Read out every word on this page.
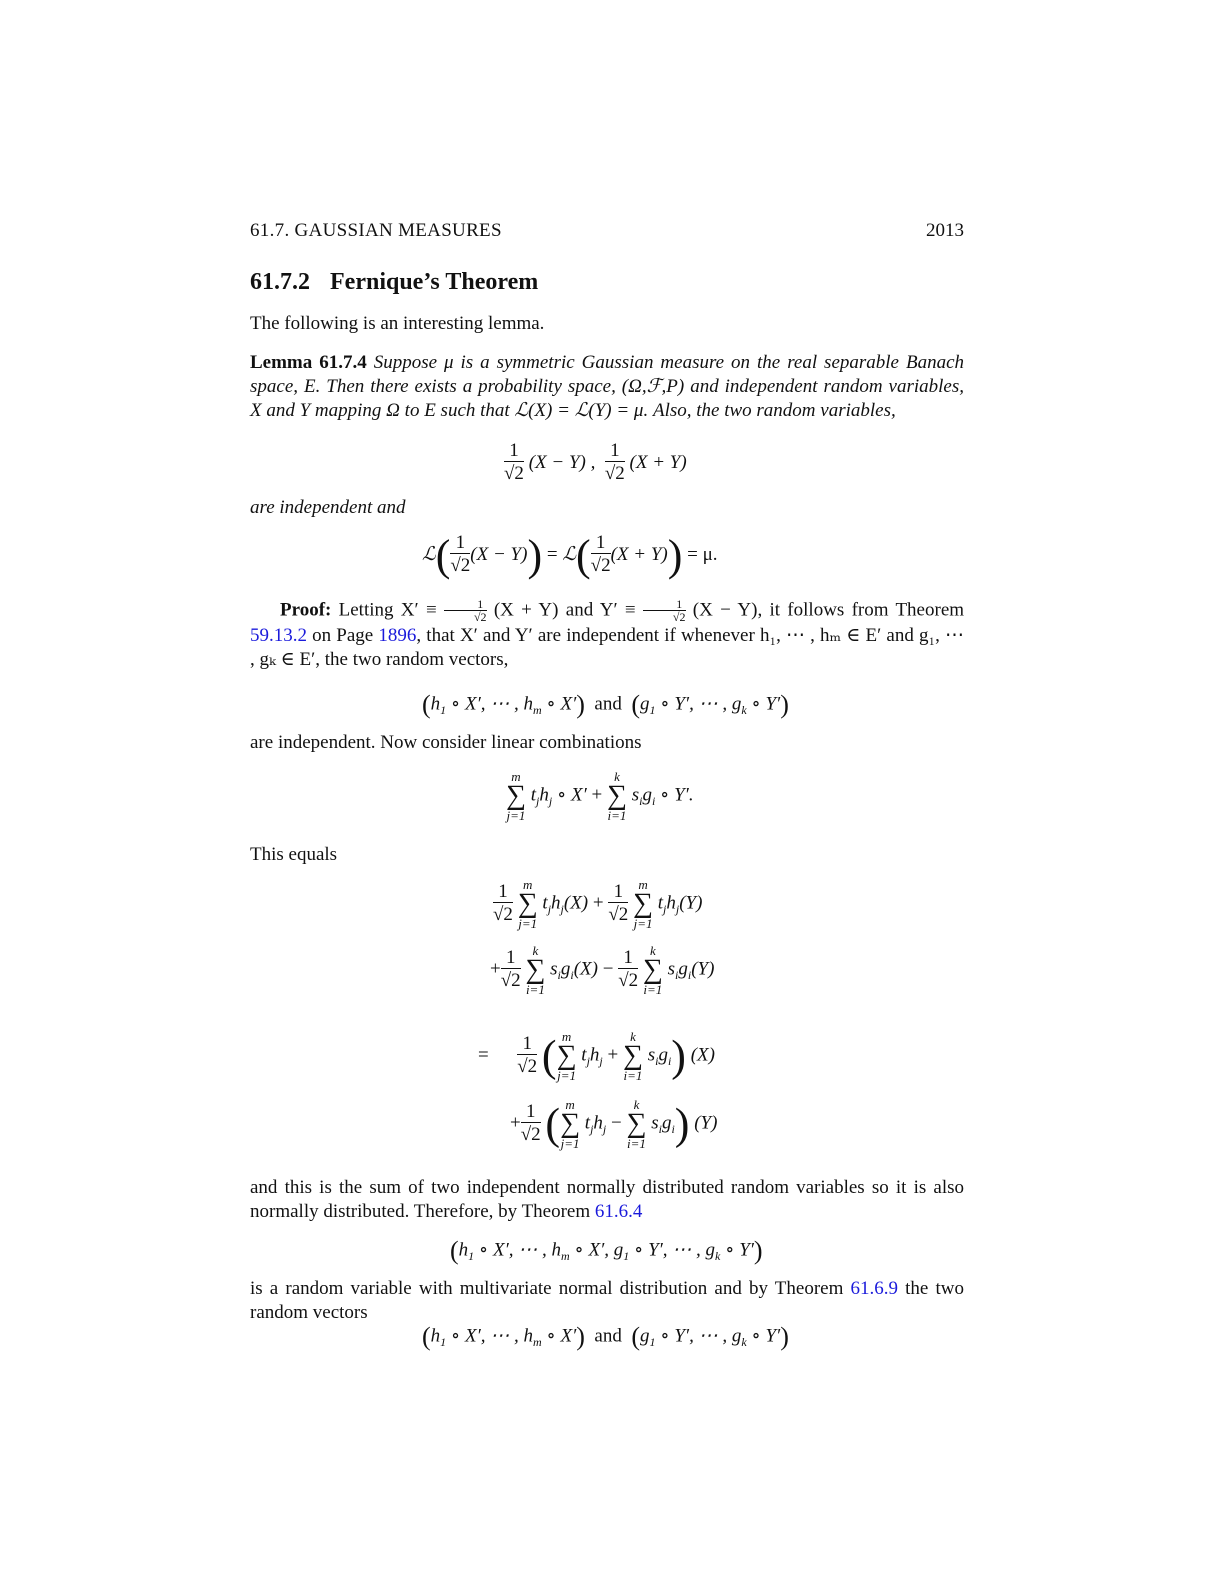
61.7. GAUSSIAN MEASURES	2013
61.7.2 Fernique’s Theorem
The following is an interesting lemma.
Lemma 61.7.4 Suppose μ is a symmetric Gaussian measure on the real separable Banach space, E. Then there exists a probability space, (Ω,ℱ,P) and independent random variables, X and Y mapping Ω to E such that ℒ(X) = ℒ(Y) = μ. Also, the two random variables,
$\frac{1}{√2} (X - Y)$ , $\frac{1}{√2} (X + Y)$
are independent and
ℒ( $\frac{1}{√2} (X - Y)$) = ℒ( $\frac{1}{√2} (X + Y)) = \mu$.
Proof: Letting $X' \equiv \frac{1}{√2} (X + Y)$ and $Y' \equiv \frac{1}{√2} (X - Y)$, it follows from Theorem 59.13.2 on Page 1896, that X′ and Y′ are independent if whenever h₁, ⋯ , hₘ ∈ E′ and g₁, ⋯ , gₖ ∈ E′, the two random vectors,
($h_1$ ∘ X′, ⋯ , $h_m$ ∘ X′) and ($g_1$ ∘ Y′, ⋯ , $g_k$ ∘ Y′)
are independent. Now consider linear combinations
m
∑
j=1
$t_jh_j$ ∘ X′ +
k
∑
i=1
$s_ig_i$ ∘ Y′.
This equals
$\frac{1}{√2}$
m
∑
j=1
$t_jh_j(X) + \frac{1}{√2}$
m
∑
j=1
$t_jh_j(Y)$
+ $\frac{1}{√2}$
k
∑
i=1
$s_ig_i(X) - \frac{1}{√2}$
k
∑
i=1
$s_ig_i(Y)$
= $\frac{1}{√2}$ ( m
∑
j=1
$t_jh_j$ +
k
∑
i=1
$s_ig_i$) (X)
+ $\frac{1}{√2}$ ( m
∑
j=1
$t_jh_j$ −
k
∑
i=1
$s_ig_i$) (Y)
and this is the sum of two independent normally distributed random variables so it is also normally distributed. Therefore, by Theorem 61.6.4
($h_1$ ∘ X′, ⋯ , $h_m$ ∘ X′, $g_1$ ∘ Y′, ⋯ , $g_k$ ∘ Y′)
is a random variable with multivariate normal distribution and by Theorem 61.6.9 the two random vectors
($h_1$ ∘ X′, ⋯ , $h_m$ ∘ X′) and ($g_1$ ∘ Y′, ⋯ , $g_k$ ∘ Y′)
